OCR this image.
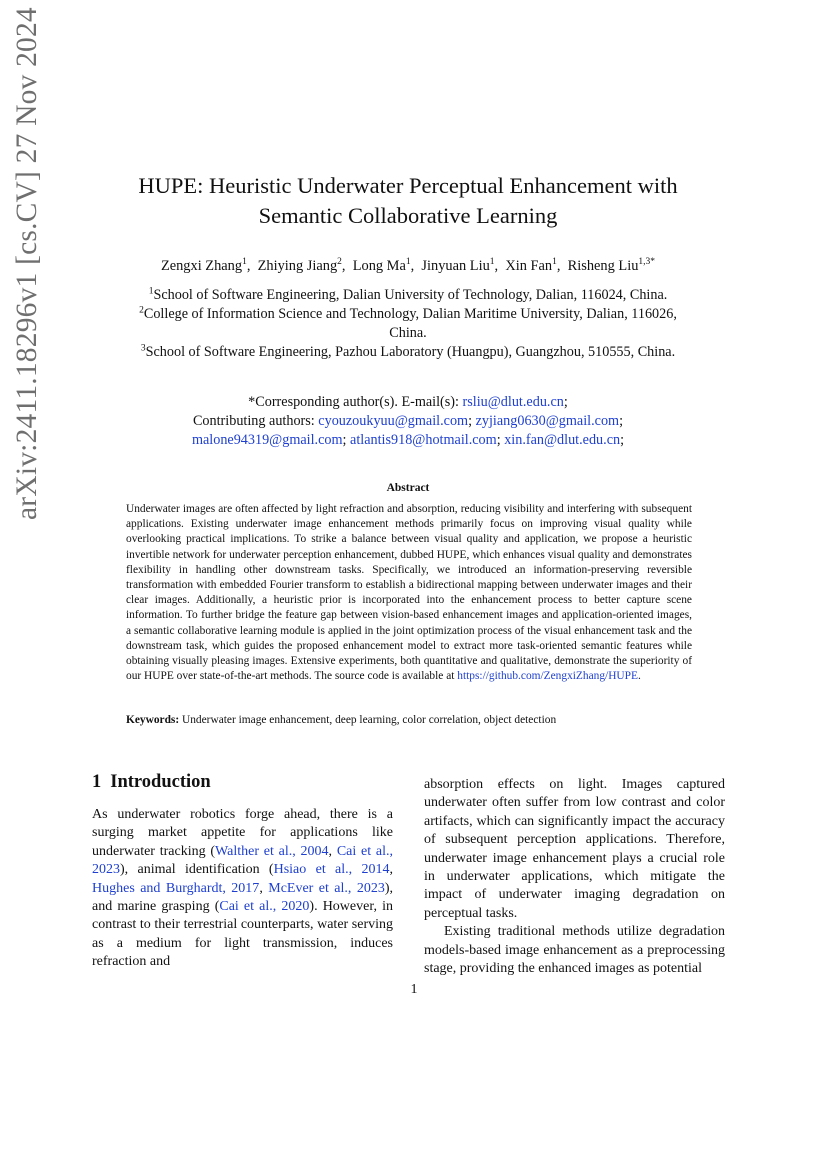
arXiv:2411.18296v1 [cs.CV] 27 Nov 2024	HUPE: Heuristic Underwater Perceptual Enhancement with
Semantic Collaborative Learning
Zengxi Zhang$^1$,  Zhiying Jiang$^2$,  Long Ma$^1$,  Jinyuan Liu$^1$,  Xin Fan$^1$,  Risheng Liu$^{1,3*}$
$^1$School of Software Engineering, Dalian University of Technology, Dalian, 116024, China.
$^2$College of Information Science and Technology, Dalian Maritime University, Dalian, 116026,
China.
$^3$School of Software Engineering, Pazhou Laboratory (Huangpu), Guangzhou, 510555, China.
*Corresponding author(s). E-mail(s): rsliu@dlut.edu.cn;
Contributing authors: cyouzoukyuu@gmail.com; zyjiang0630@gmail.com;
malone94319@gmail.com; atlantis918@hotmail.com; xin.fan@dlut.edu.cn;
Abstract
Underwater images are often affected by light refraction and absorption, reducing visibility and interfering with subsequent applications. Existing underwater image enhancement methods primarily focus on improving visual quality while overlooking practical implications. To strike a balance between visual quality and application, we propose a heuristic invertible network for underwater perception enhancement, dubbed HUPE, which enhances visual quality and demonstrates flexibility in handling other downstream tasks. Specifically, we introduced an information-preserving reversible transformation with embedded Fourier transform to establish a bidirectional mapping between underwater images and their clear images. Additionally, a heuristic prior is incorporated into the enhancement process to better capture scene information. To further bridge the feature gap between vision-based enhancement images and application-oriented images, a semantic collaborative learning module is applied in the joint optimization process of the visual enhancement task and the downstream task, which guides the proposed enhancement model to extract more task-oriented semantic features while obtaining visually pleasing images. Extensive experiments, both quantitative and qualitative, demonstrate the superiority of our HUPE over state-of-the-art methods. The source code is available at https://github.com/ZengxiZhang/HUPE.
Keywords: Underwater image enhancement, deep learning, color correlation, object detection
1 Introduction

As underwater robotics forge ahead, there is a surging market appetite for applications like underwater tracking (Walther et al., 2004, Cai et al., 2023), animal identification (Hsiao et al., 2014, Hughes and Burghardt, 2017, McEver et al., 2023), and marine grasping (Cai et al., 2020). However, in contrast to their terrestrial counterparts, water serving as a medium for light transmission, induces refraction and

absorption effects on light. Images captured underwater often suffer from low contrast and color artifacts, which can significantly impact the accuracy of subsequent perception applications. Therefore, underwater image enhancement plays a crucial role in underwater applications, which mitigate the impact of underwater imaging degradation on perceptual tasks.

Existing traditional methods utilize degradation models-based image enhancement as a preprocessing stage, providing the enhanced images as potential

1
